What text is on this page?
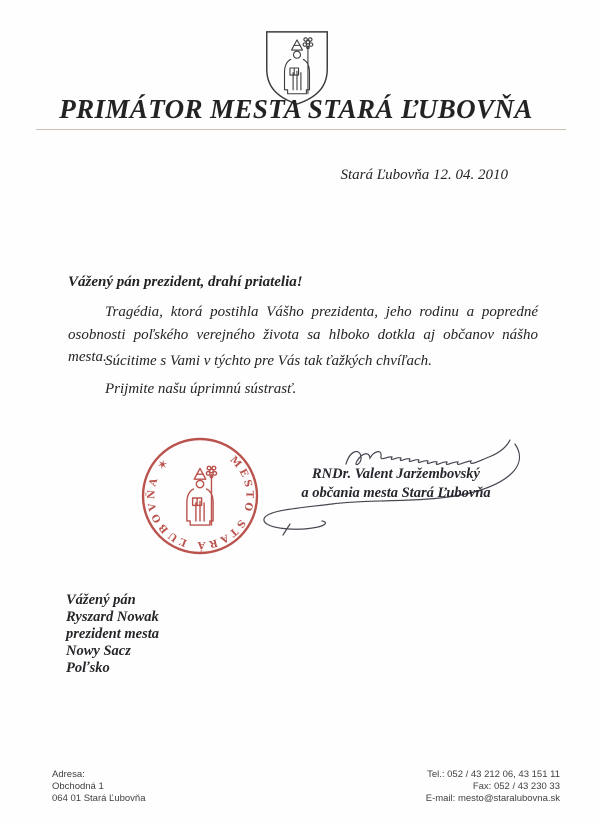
PRIMÁTOR MESTA STARÁ ĽUBOVŇA
Stará Ľubovňa 12. 04. 2010
Vážený pán prezident, drahí priatelia!

Tragédia, ktorá postihla Vášho prezidenta, jeho rodinu a popredné osobnosti poľského verejného života sa hlboko dotkla aj občanov nášho mesta.

Súcitime s Vami v týchto pre Vás tak ťažkých chvíľach.

Prijmite našu úprimnú sústrasť.

MESTO STARÁ ĽUBOVŇA
✶	RNDr. Valent Jaržembovský
a občania mesta Stará Ľubovňa
Vážený pán
Ryszard Nowak
prezident mesta
Nowy Sacz
Poľsko
Adresa:
Obchodná 1
064 01 Stará Ľubovňa
Tel.: 052 / 43 212 06, 43 151 11
Fax: 052 / 43 230 33
E-mail: mesto@staralubovna.sk
